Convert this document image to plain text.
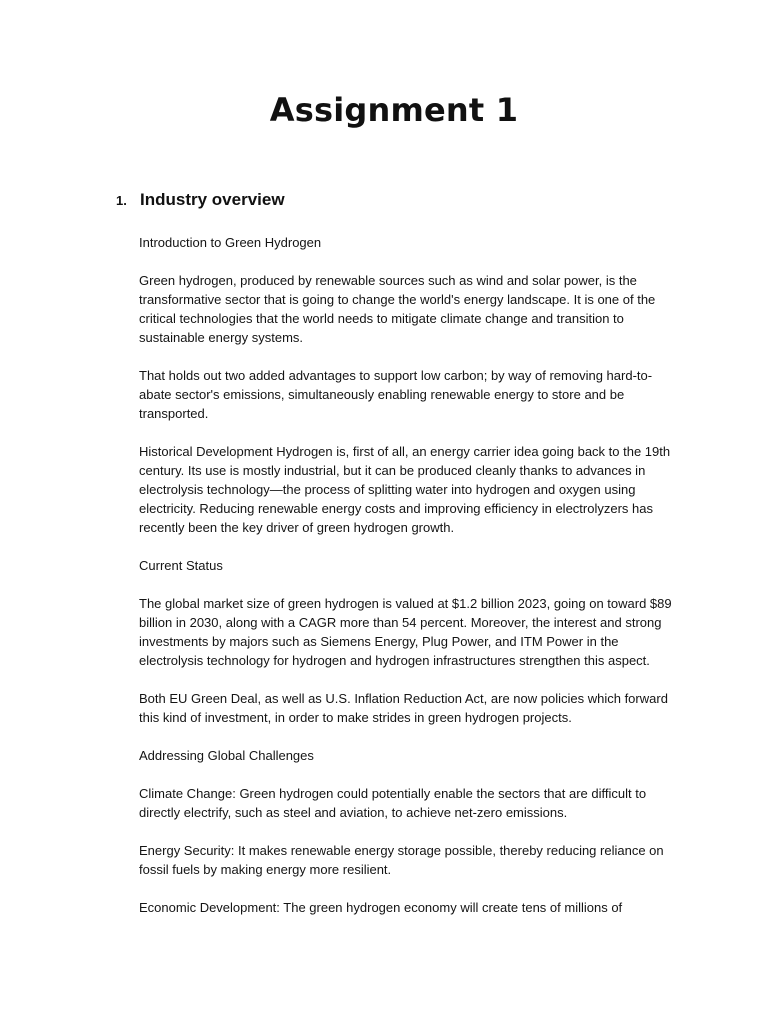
Assignment 1
1. Industry overview

Introduction to Green Hydrogen

Green hydrogen, produced by renewable sources such as wind and solar power, is the transformative sector that is going to change the world's energy landscape. It is one of the critical technologies that the world needs to mitigate climate change and transition to sustainable energy systems.

That holds out two added advantages to support low carbon; by way of removing hard-to-abate sector's emissions, simultaneously enabling renewable energy to store and be transported.

Historical Development Hydrogen is, first of all, an energy carrier idea going back to the 19th century. Its use is mostly industrial, but it can be produced cleanly thanks to advances in electrolysis technology—the process of splitting water into hydrogen and oxygen using electricity. Reducing renewable energy costs and improving efficiency in electrolyzers has recently been the key driver of green hydrogen growth.

Current Status

The global market size of green hydrogen is valued at $1.2 billion 2023, going on toward $89 billion in 2030, along with a CAGR more than 54 percent. Moreover, the interest and strong investments by majors such as Siemens Energy, Plug Power, and ITM Power in the electrolysis technology for hydrogen and hydrogen infrastructures strengthen this aspect.

Both EU Green Deal, as well as U.S. Inflation Reduction Act, are now policies which forward this kind of investment, in order to make strides in green hydrogen projects.

Addressing Global Challenges

Climate Change: Green hydrogen could potentially enable the sectors that are difficult to directly electrify, such as steel and aviation, to achieve net-zero emissions.

Energy Security: It makes renewable energy storage possible, thereby reducing reliance on fossil fuels by making energy more resilient.

Economic Development: The green hydrogen economy will create tens of millions of
